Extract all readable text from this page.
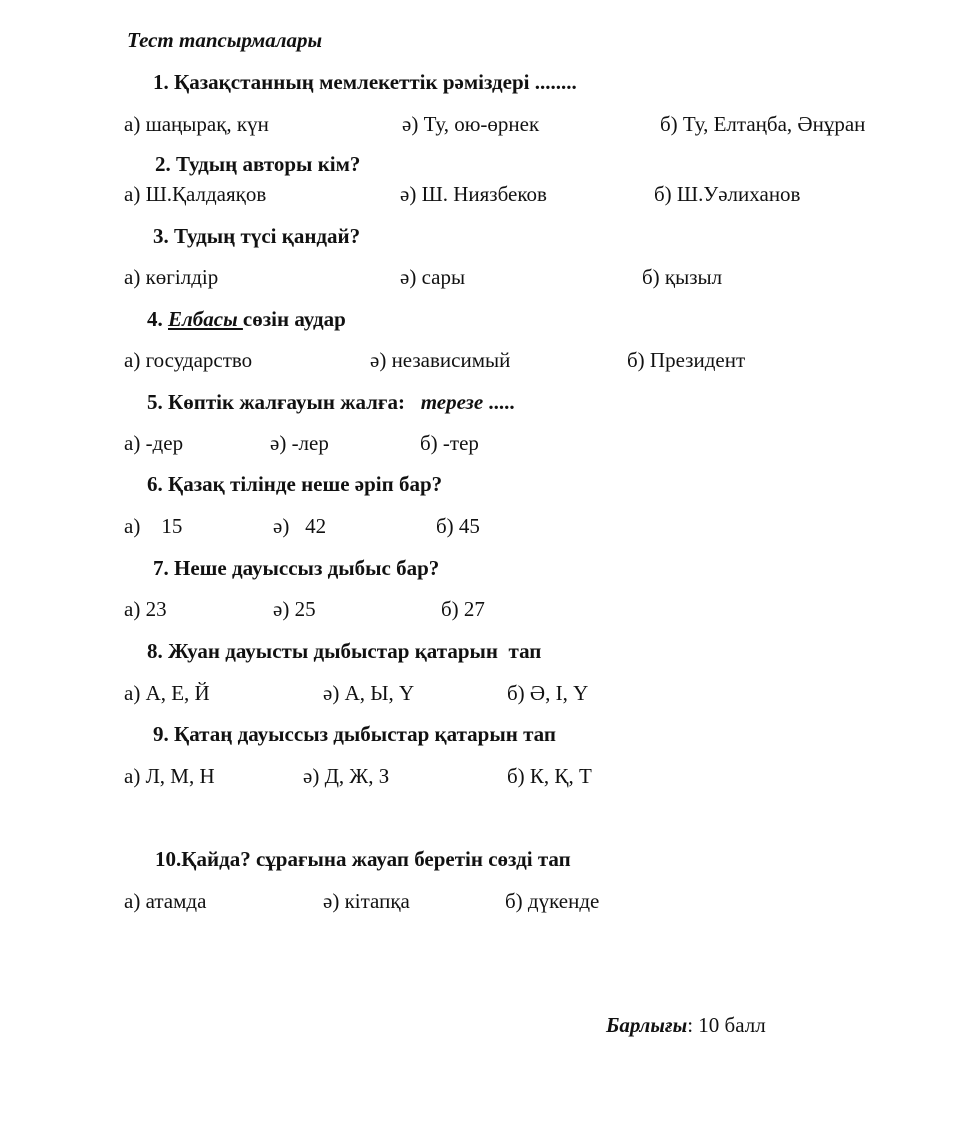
Тест тапсырмалары
1. Қазақстанның мемлекеттік рәміздері ........
а) шаңырақ, күн	ә) Ту, ою-өрнек	б) Ту, Елтаңба, Әнұран
2. Тудың авторы кім?
а) Ш.Қалдаяқов	ә) Ш. Ниязбеков	б) Ш.Уәлиханов
3. Тудың түсі қандай?
а) көгілдір	ә) сары	б) қызыл
4. Елбасы сөзін аудар
а) государство	ә) независимый	б) Президент
5. Көптік жалғауын жалға:   терезе .....
а) -дер	ә) -лер	б) -тер
6. Қазақ тілінде неше әріп бар?
а)    15	ә)   42	б) 45
7. Неше дауыссыз дыбыс бар?
а) 23	ә) 25	б) 27
8. Жуан дауысты дыбыстар қатарын  тап
а) А, Е, Й	ә) А, Ы, Ү	б) Ә, І, Ү
9. Қатаң дауыссыз дыбыстар қатарын тап
а) Л, М, Н	ә) Д, Ж, З	б) К, Қ, Т
10.Қайда? сұрағына жауап беретін сөзді тап
а) атамда	ә) кітапқа	б) дүкенде
Барлығы: 10 балл
